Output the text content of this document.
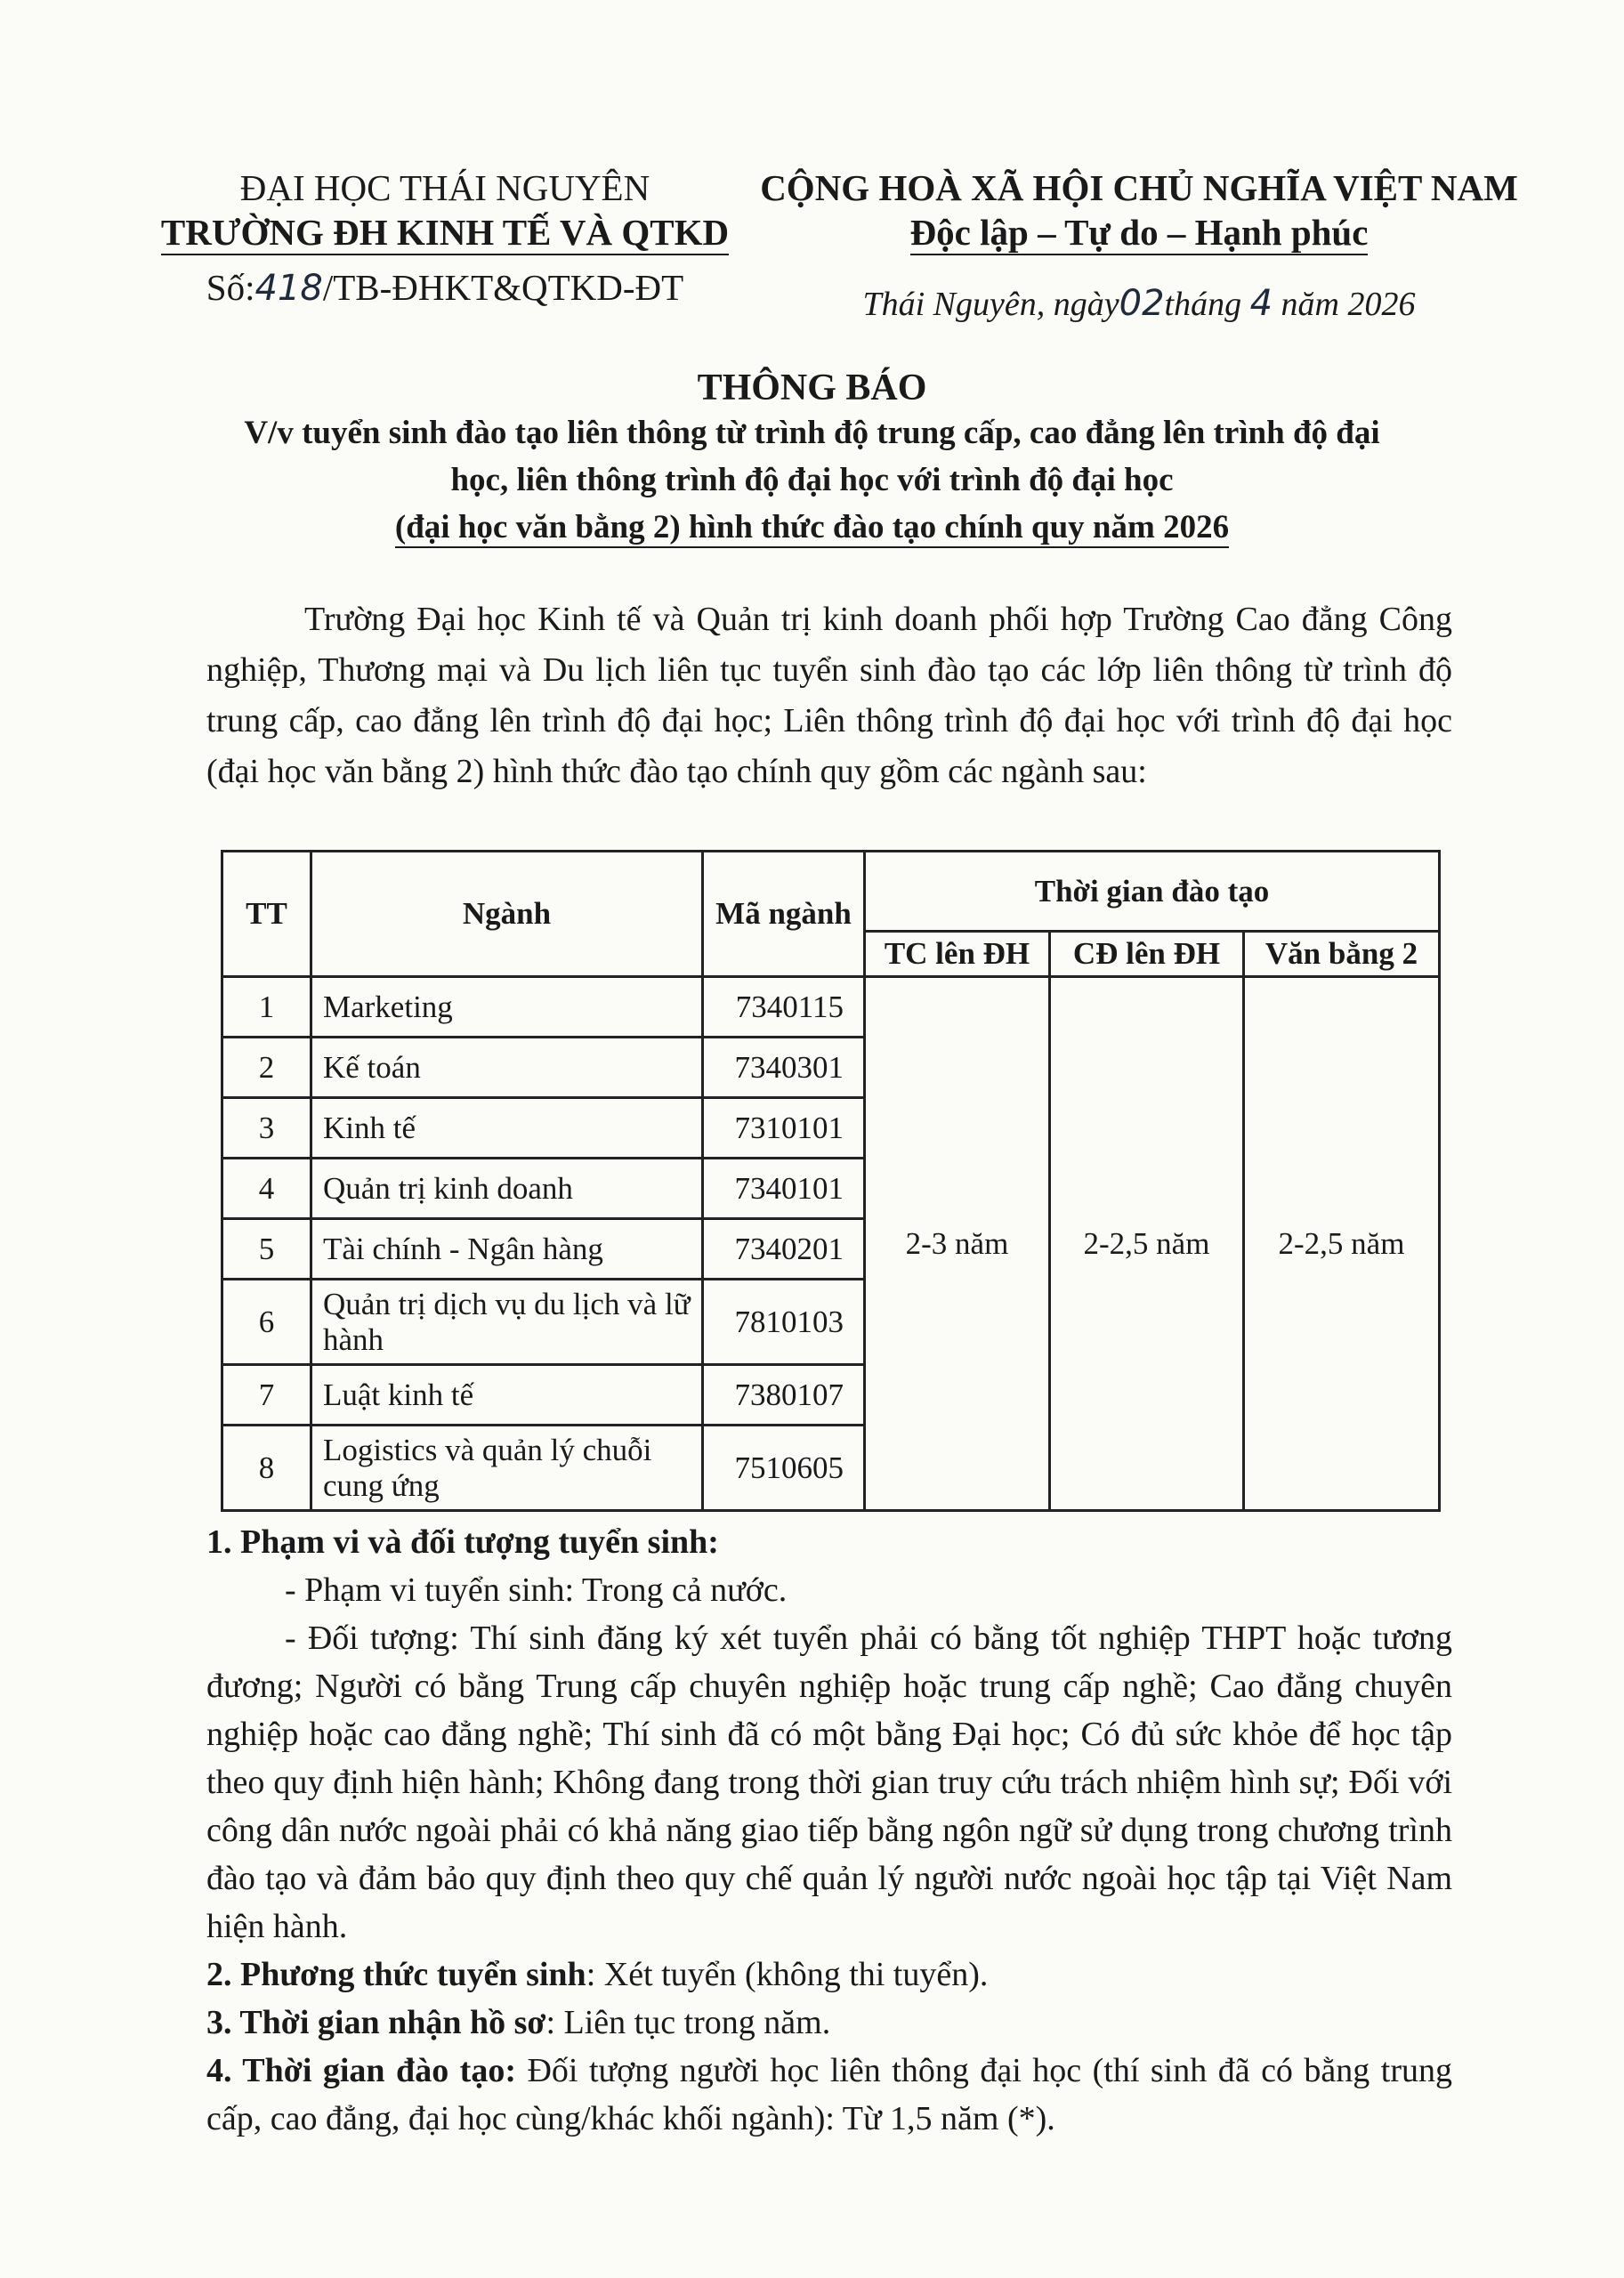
ĐẠI HỌC THÁI NGUYÊN
TRƯỜNG ĐH KINH TẾ VÀ QTKD
Số:418/TB-ĐHKT&QTKD-ĐT
CỘNG HOÀ XÃ HỘI CHỦ NGHĨA VIỆT NAM
Độc lập – Tự do – Hạnh phúc
Thái Nguyên, ngày02tháng 4 năm 2026
THÔNG BÁO
V/v tuyển sinh đào tạo liên thông từ trình độ trung cấp, cao đẳng lên trình độ đại
học, liên thông trình độ đại học với trình độ đại học
(đại học văn bằng 2) hình thức đào tạo chính quy năm 2026

Trường Đại học Kinh tế và Quản trị kinh doanh phối hợp Trường Cao đẳng Công nghiệp, Thương mại và Du lịch liên tục tuyển sinh đào tạo các lớp liên thông từ trình độ trung cấp, cao đẳng lên trình độ đại học; Liên thông trình độ đại học với trình độ đại học (đại học văn bằng 2) hình thức đào tạo chính quy gồm các ngành sau:

TT	Ngành	Mã ngành	Thời gian đào tạo		
			TC lên ĐH	CĐ lên ĐH	Văn bằng 2
1	Marketing	7340115	2-3 năm	2-2,5 năm	2-2,5 năm
2	Kế toán	7340301			
3	Kinh tế	7310101			
4	Quản trị kinh doanh	7340101			
5	Tài chính - Ngân hàng	7340201			
6	Quản trị dịch vụ du lịch và lữ hành	7810103			
7	Luật kinh tế	7380107			
8	Logistics và quản lý chuỗi cung ứng	7510605			

1. Phạm vi và đối tượng tuyển sinh:

- Phạm vi tuyển sinh: Trong cả nước.

- Đối tượng: Thí sinh đăng ký xét tuyển phải có bằng tốt nghiệp THPT hoặc tương đương; Người có bằng Trung cấp chuyên nghiệp hoặc trung cấp nghề; Cao đẳng chuyên nghiệp hoặc cao đẳng nghề; Thí sinh đã có một bằng Đại học; Có đủ sức khỏe để học tập theo quy định hiện hành; Không đang trong thời gian truy cứu trách nhiệm hình sự; Đối với công dân nước ngoài phải có khả năng giao tiếp bằng ngôn ngữ sử dụng trong chương trình đào tạo và đảm bảo quy định theo quy chế quản lý người nước ngoài học tập tại Việt Nam hiện hành.

2. Phương thức tuyển sinh: Xét tuyển (không thi tuyển).

3. Thời gian nhận hồ sơ: Liên tục trong năm.

4. Thời gian đào tạo: Đối tượng người học liên thông đại học (thí sinh đã có bằng trung cấp, cao đẳng, đại học cùng/khác khối ngành): Từ 1,5 năm (*).
